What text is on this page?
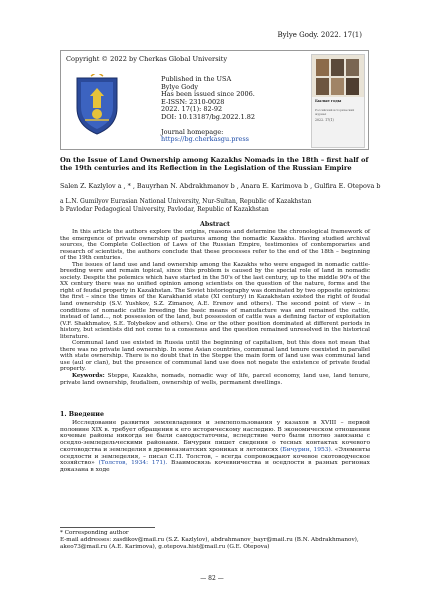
Bylye Gody. 2022. 17(1)
Copyright © 2022 by Cherkas Global University
Published in the USA
Bylye Gody
Has been issued since 2006.
E-ISSN: 2310-0028
2022. 17(1): 82-92
DOI: 10.13187/bg.2022.1.82
Journal homepage:
https://bg.cherkasgu.press
Былые годы
Российский исторический журнал
2022. 17(1)
On the Issue of Land Ownership among Kazakhs Nomads in the 18th – first half of the 19th centuries and its Reflection in the Legislation of the Russian Empire
Salen Z. Kazlylov a , * , Bauyrhan N. Abdrakhmanov b , Anara E. Karimova b , Gulfira E. Otepova b
a L.N. Gumilyov Eurasian National University, Nur-Sultan, Republic of Kazakhstan
b Pavlodar Pedagogical University, Pavlodar, Republic of Kazakhstan
Abstract

In this article the authors explore the origins, reasons and determine the chronological framework of the emergence of private ownership of pastures among the nomadic Kazakhs. Having studied archival sources, the Complete Collection of Laws of the Russian Empire, testimonies of contemporaries and research of scientists, the authors conclude that these processes refer to the end of the 18th – beginning of the 19th centuries.

The issues of land use and land ownership among the Kazakhs who were engaged in nomadic cattle-breeding were and remain topical, since this problem is caused by the special role of land in nomadic society. Despite the polemics which have started in the 50's of the last century, up to the middle 90's of the XX century there was no unified opinion among scientists on the question of the nature, forms and the right of feudal property in Kazakhstan. The Soviet historiography was dominated by two opposite opinions: the first – since the times of the Karakhanid state (XI century) in Kazakhstan existed the right of feudal land ownership (S.V. Yushkov, S.Z. Zimanov, A.E. Erenov and others). The second point of view – in conditions of nomadic cattle breeding the basic means of manufacture was and remained the cattle, instead of land..., not possession of the land, but possession of cattle was a defining factor of exploitation (V.F. Shakhmatov, S.E. Tolybekov and others). One or the other position dominated at different periods in history, but scientists did not come to a consensus and the question remained unresolved in the historical literature.

Communal land use existed in Russia until the beginning of capitalism, but this does not mean that there was no private land ownership. In some Asian countries, communal land tenure coexisted in parallel with state ownership. There is no doubt that in the Steppe the main form of land use was communal land use (aul or clan), but the presence of communal land use does not negate the existence of private feudal property.

Keywords: Steppe, Kazakhs, nomads, nomadic way of life, parcel economy, land use, land tenure, private land ownership, feudalism, ownership of wells, permanent dwellings.

1. Введение

Исследование развития землевладения и землепользования у казахов в XVIII – первой половине XIX в. требует обращения к его историческому наследию. В экономическом отношении кочевые районы никогда не были самодостаточны, вследствие чего были плотно завязаны с оседло-земледельческими районами. Бичурин пишет сведения о тесных контактах кочевого скотоводства и земледелия в древнеазиатских хрониках и летописях (Бичурин, 1953). «Элементы оседлости и земледелия, – писал С.П. Толстов, – всегда сопровождают кочевое скотоводческое хозяйство» (Толстов, 1934: 171). Взаимосвязь кочевничества и оседлости в разных регионах доказана в ходе

* Corresponding author
E-mail addresses: zasdikov@mail.ru (S.Z. Kazlylov), abdrahmanov_bayr@mail.ru (B.N. Abdrakhmanov), akeo73@mail.ru (A.E. Karimova), g.otepova.hist@mail.ru (G.E. Otepova)
— 82 —
